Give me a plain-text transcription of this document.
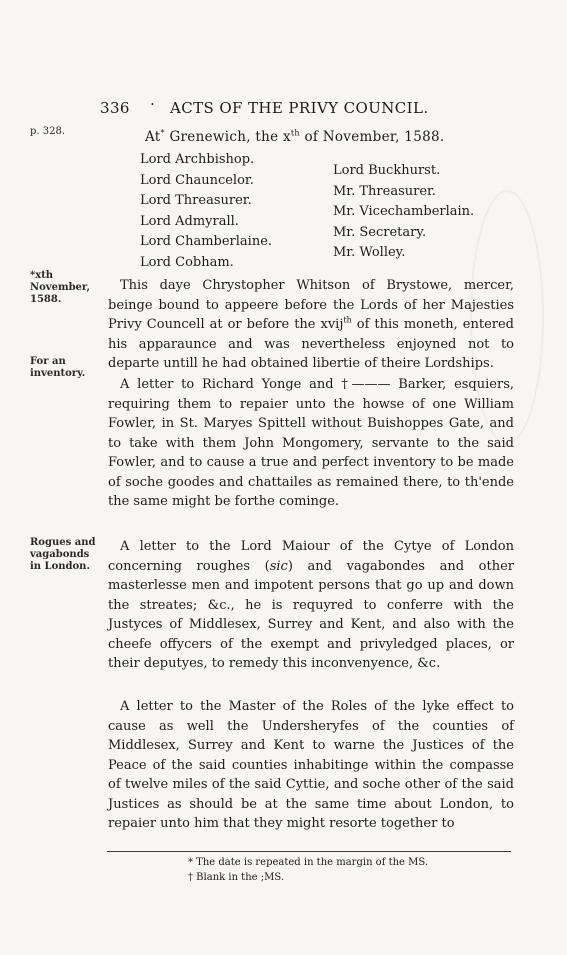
336 · ACTS OF THE PRIVY COUNCIL.
p. 328.
*xth November, 1588.
For an inventory.
Rogues and vagabonds in London.
At* Grenewich, the $x^{th}$ of November, 1588.
Lord Archbishop.
Lord Chauncelor.
Lord Threasurer.
Lord Admyrall.
Lord Chamberlaine.
Lord Cobham.
Lord Buckhurst.
Mr. Threasurer.
Mr. Vicechamberlain.
Mr. Secretary.
Mr. Wolley.

This daye Chrystopher Whitson of Brystowe, mercer, beinge bound to appeere before the Lords of her Majesties Privy Councell at or before the xvij$^{th}$ of this moneth, entered his apparaunce and was nevertheless enjoyned not to departe untill he had obtained libertie of theire Lordships.

A letter to Richard Yonge and †——— Barker, esquiers, requiring them to repaier unto the howse of one William Fowler, in St. Maryes Spittell without Buishoppes Gate, and to take with them John Mongomery, servante to the said Fowler, and to cause a true and perfect inventory to be made of soche goodes and chattailes as remained there, to th'ende the same might be forthe cominge.

A letter to the Lord Maiour of the Cytye of London concerning roughes (sic) and vagabondes and other masterlesse men and impotent persons that go up and down the streates; &c., he is requyred to conferre with the Justyces of Middlesex, Surrey and Kent, and also with the cheefe offycers of the exempt and privyledged places, or their deputyes, to remedy this inconvenyence, &c.

A letter to the Master of the Roles of the lyke effect to cause as well the Undersheryfes of the counties of Middlesex, Surrey and Kent to warne the Justices of the Peace of the said counties inhabitinge within the compasse of twelve miles of the said Cyttie, and soche other of the said Justices as should be at the same time about London, to repaier unto him that they might resorte together to

* The date is repeated in the margin of the MS.
† Blank in the ;MS.
